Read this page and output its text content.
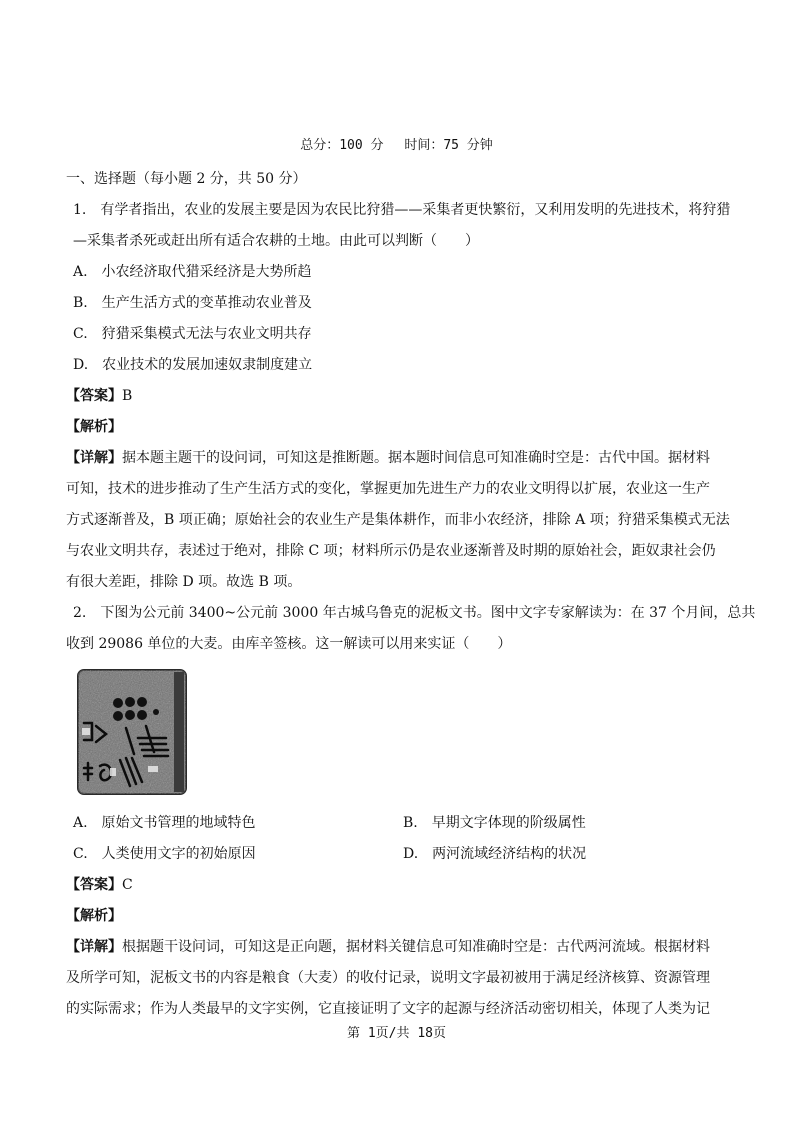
总分：100 分　 时间：75 分钟
一、选择题（每小题 2 分，共 50 分）
1.　有学者指出，农业的发展主要是因为农民比狩猎——采集者更快繁衍，又利用发明的先进技术，将狩猎
—采集者杀死或赶出所有适合农耕的土地。由此可以判断（　　）
A.　小农经济取代猎采经济是大势所趋
B.　生产生活方式的变革推动农业普及
C.　狩猎采集模式无法与农业文明共存
D.　农业技术的发展加速奴隶制度建立
【答案】B
【解析】
【详解】据本题主题干的设问词，可知这是推断题。据本题时间信息可知准确时空是：古代中国。据材料
可知，技术的进步推动了生产生活方式的变化，掌握更加先进生产力的农业文明得以扩展，农业这一生产
方式逐渐普及，B 项正确；原始社会的农业生产是集体耕作，而非小农经济，排除 A 项；狩猎采集模式无法
与农业文明共存，表述过于绝对，排除 C 项；材料所示仍是农业逐渐普及时期的原始社会，距奴隶社会仍
有很大差距，排除 D 项。故选 B 项。
2.　下图为公元前 3400~公元前 3000 年古城乌鲁克的泥板文书。图中文字专家解读为：在 37 个月间，总共
收到 29086 单位的大麦。由库辛签核。这一解读可以用来实证（　　）
A.　原始文书管理的地域特色	B.　早期文字体现的阶级属性
C.　人类使用文字的初始原因	D.　两河流域经济结构的状况
【答案】C
【解析】
【详解】根据题干设问词，可知这是正向题，据材料关键信息可知准确时空是：古代两河流域。根据材料
及所学可知，泥板文书的内容是粮食（大麦）的收付记录，说明文字最初被用于满足经济核算、资源管理
的实际需求；作为人类最早的文字实例，它直接证明了文字的起源与经济活动密切相关，体现了人类为记
第 1页/共 18页
